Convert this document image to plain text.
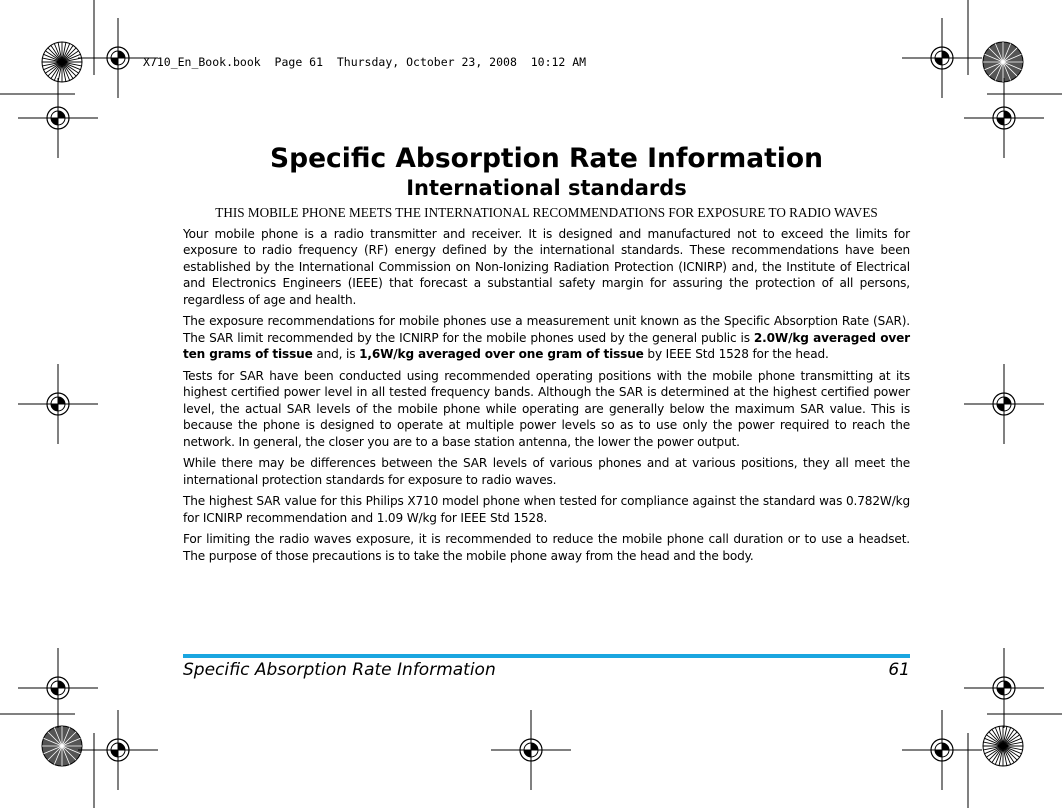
X710_En_Book.book  Page 61  Thursday, October 23, 2008  10:12 AM
Specific Absorption Rate Information
International standards

THIS MOBILE PHONE MEETS THE INTERNATIONAL RECOMMENDATIONS FOR EXPOSURE TO RADIO WAVES

Your mobile phone is a radio transmitter and receiver. It is designed and manufactured not to exceed the limits for exposure to radio frequency (RF) energy defined by the international standards. These recommendations have been established by the International Commission on Non-Ionizing Radiation Protection (ICNIRP) and, the Institute of Electrical and Electronics Engineers (IEEE) that forecast a substantial safety margin for assuring the protection of all persons, regardless of age and health.

The exposure recommendations for mobile phones use a measurement unit known as the Specific Absorption Rate (SAR). The SAR limit recommended by the ICNIRP for the mobile phones used by the general public is 2.0W/kg averaged over ten grams of tissue and, is 1,6W/kg averaged over one gram of tissue by IEEE Std 1528 for the head.

Tests for SAR have been conducted using recommended operating positions with the mobile phone transmitting at its highest certified power level in all tested frequency bands. Although the SAR is determined at the highest certified power level, the actual SAR levels of the mobile phone while operating are generally below the maximum SAR value. This is because the phone is designed to operate at multiple power levels so as to use only the power required to reach the network. In general, the closer you are to a base station antenna, the lower the power output.

While there may be differences between the SAR levels of various phones and at various positions, they all meet the international protection standards for exposure to radio waves.

The highest SAR value for this Philips X710 model phone when tested for compliance against the standard was 0.782W/kg for ICNIRP recommendation and 1.09 W/kg for IEEE Std 1528.

For limiting the radio waves exposure, it is recommended to reduce the mobile phone call duration or to use a headset. The purpose of those precautions is to take the mobile phone away from the head and the body.

Specific Absorption Rate Information	61
